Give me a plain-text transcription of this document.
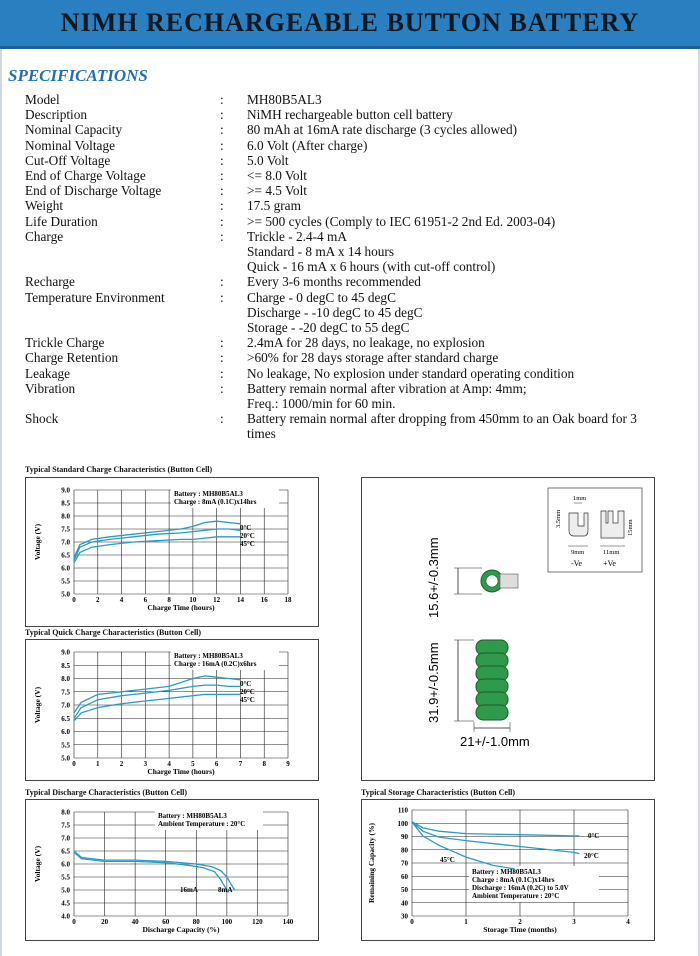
NIMH RECHARGEABLE BUTTON BATTERY
SPECIFICATIONS
Model	:	MH80B5AL3
Description	:	NiMH rechargeable button cell battery
Nominal Capacity	:	80 mAh at 16mA rate discharge (3 cycles allowed)
Nominal Voltage	:	6.0 Volt (After charge)
Cut-Off Voltage	:	5.0 Volt
End of Charge Voltage	:	<= 8.0 Volt
End of Discharge Voltage	:	>= 4.5 Volt
Weight	:	17.5 gram
Life Duration	:	>= 500 cycles (Comply to IEC 61951-2 2nd Ed. 2003-04)
Charge	:	Trickle - 2.4-4 mA
Standard - 8 mA x 14 hours
Quick - 16 mA x 6 hours (with cut-off control)
Recharge	:	Every 3-6 months recommended
Temperature Environment	:	Charge - 0 degC to 45 degC
Discharge - -10 degC to 45 degC
Storage - -20 degC to 55 degC
Trickle Charge	:	2.4mA for 28 days, no leakage, no explosion
Charge Retention	:	>60% for 28 days storage after standard charge
Leakage	:	No leakage, No explosion under standard operating condition
Vibration	:	Battery remain normal after vibration at Amp: 4mm;
Freq.: 1000/min for 60 min.
Shock	:	Battery remain normal after dropping from 450mm to an Oak board for 3
times
Typical Standard Charge Characteristics (Button Cell)
0	2	4	6	8	10 12 14 16 18
5.0
5.5
6.0
6.5
7.0
7.5
8.0
8.5
9.0
Charge Time (hours)
Voltage (V)
Battery : MH80B5AL3
Charge : 8mA (0.1C)x14hrs
0°C
20°C
45°C
Typical Quick Charge Characteristics (Button Cell)
0	1	2	3	4	5	6	7	8	9
5.0
5.5
6.0
6.5
7.0
7.5
8.0
8.5
9.0
Charge Time (hours)
Voltage (V)
Battery : MH80B5AL3
Charge : 16mA (0.2C)x6hrs
0°C
20°C
45°C
Typical Discharge Characteristics (Button Cell)
0	20	40	60	80	100	120	140
4.0
4.5
5.0
5.5
6.0
6.5
7.0
7.5
8.0
Discharge Capacity (%)
Voltage (V)
Battery : MH80B5AL3
Ambient Temperature : 20°C
16mA	8mA
Typical Storage Characteristics (Button Cell)
0	1	2	3	4
30
40
50
60
70
80
90
100
110
Storage Time (months)
Remaining Capacity (%)	Battery : MH80B5AL3
Charge : 8mA (0.1C)x14hrs
Discharge : 16mA (0.2C) to 5.0V
Ambient Temperature : 20°C
0°C
20°C
45°C
1mm
3.5mm	15mm
9mm	11mm
-Ve	+Ve
15.6+/-0.3mm
31.9+/-0.5mm
21+/-1.0mm
